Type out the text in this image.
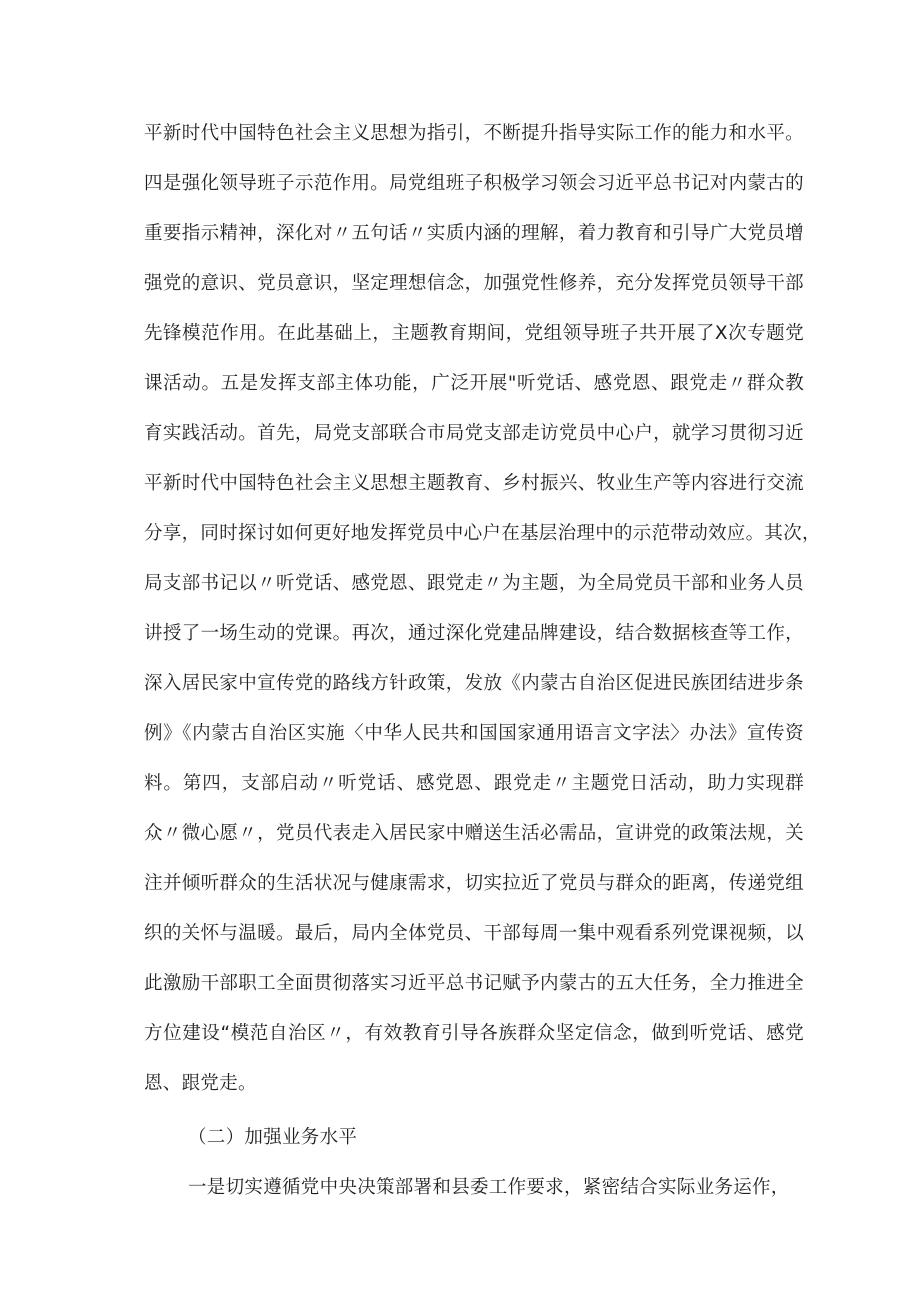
平新时代中国特色社会主义思想为指引，不断提升指导实际工作的能力和水平。
四是强化领导班子示范作用。局党组班子积极学习领会习近平总书记对内蒙古的
重要指示精神，深化对〃五句话〃实质内涵的理解，着力教育和引导广大党员增
强党的意识、党员意识，坚定理想信念，加强党性修养，充分发挥党员领导干部
先锋模范作用。在此基础上，主题教育期间，党组领导班子共开展了X次专题党
课活动。五是发挥支部主体功能，广泛开展"听党话、感党恩、跟党走〃群众教
育实践活动。首先，局党支部联合市局党支部走访党员中心户，就学习贯彻习近
平新时代中国特色社会主义思想主题教育、乡村振兴、牧业生产等内容进行交流
分享，同时探讨如何更好地发挥党员中心户在基层治理中的示范带动效应。其次，
局支部书记以〃听党话、感党恩、跟党走〃为主题，为全局党员干部和业务人员
讲授了一场生动的党课。再次，通过深化党建品牌建设，结合数据核查等工作，
深入居民家中宣传党的路线方针政策，发放《内蒙古自治区促进民族团结进步条
例》《内蒙古自治区实施〈中华人民共和国国家通用语言文字法〉办法》宣传资
料。第四，支部启动〃听党话、感党恩、跟党走〃主题党日活动，助力实现群
众〃微心愿〃，党员代表走入居民家中赠送生活必需品，宣讲党的政策法规，关
注并倾听群众的生活状况与健康需求，切实拉近了党员与群众的距离，传递党组
织的关怀与温暖。最后，局内全体党员、干部每周一集中观看系列党课视频，以
此激励干部职工全面贯彻落实习近平总书记赋予内蒙古的五大任务，全力推进全
方位建设“模范自治区〃，有效教育引导各族群众坚定信念，做到听党话、感党
恩、跟党走。
（二）加强业务水平
一是切实遵循党中央决策部署和县委工作要求，紧密结合实际业务运作，
